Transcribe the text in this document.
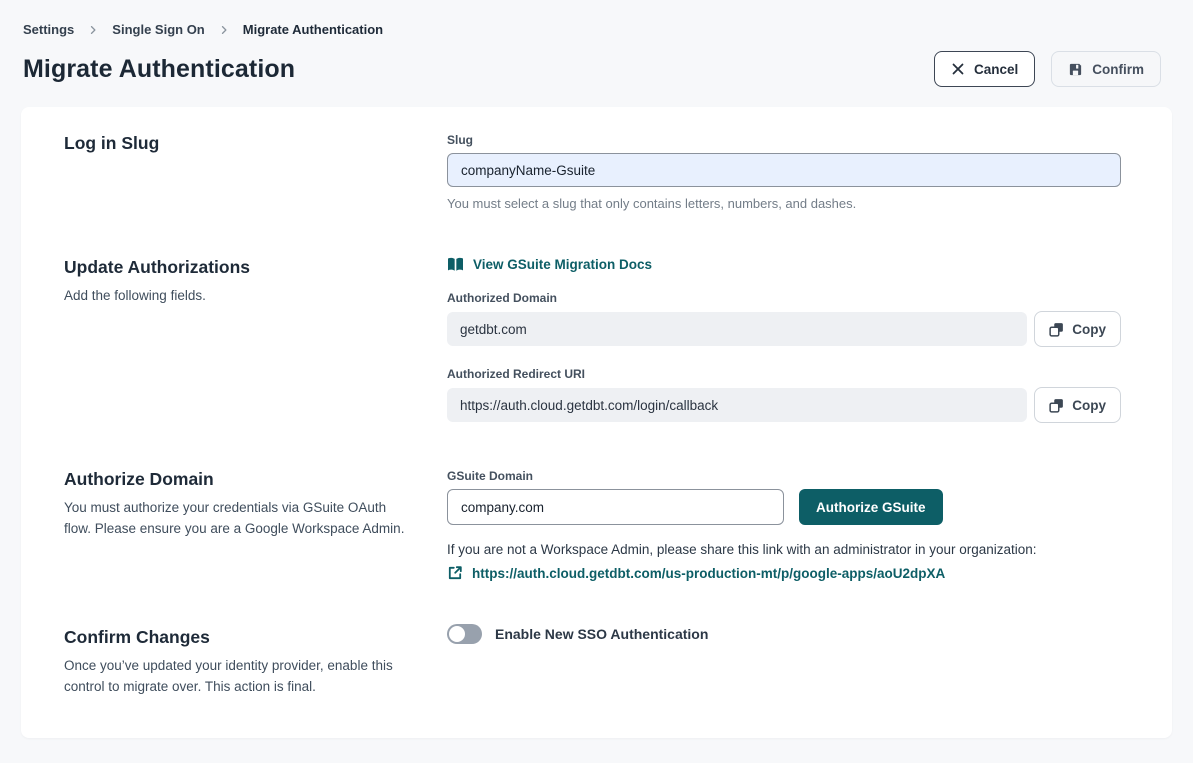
Settings	Single Sign On	Migrate Authentication
Migrate Authentication	Cancel	Confirm
Log in Slug	Slug
companyName-Gsuite
You must select a slug that only contains letters, numbers, and dashes.
Update Authorizations

Add the following fields.

View GSuite Migration Docs
Authorized Domain
getdbt.com	Copy
Authorized Redirect URI
https://auth.cloud.getdbt.com/login/callback	Copy
Authorize Domain

You must authorize your credentials via GSuite OAuth flow. Please ensure you are a Google Workspace Admin.

GSuite Domain
company.com
Authorize GSuite

If you are not a Workspace Admin, please share this link with an administrator in your organization:

https://auth.cloud.getdbt.com/us-production-mt/p/google-apps/aoU2dpXA
Confirm Changes

Once you’ve updated your identity provider, enable this control to migrate over. This action is final.

Enable New SSO Authentication
